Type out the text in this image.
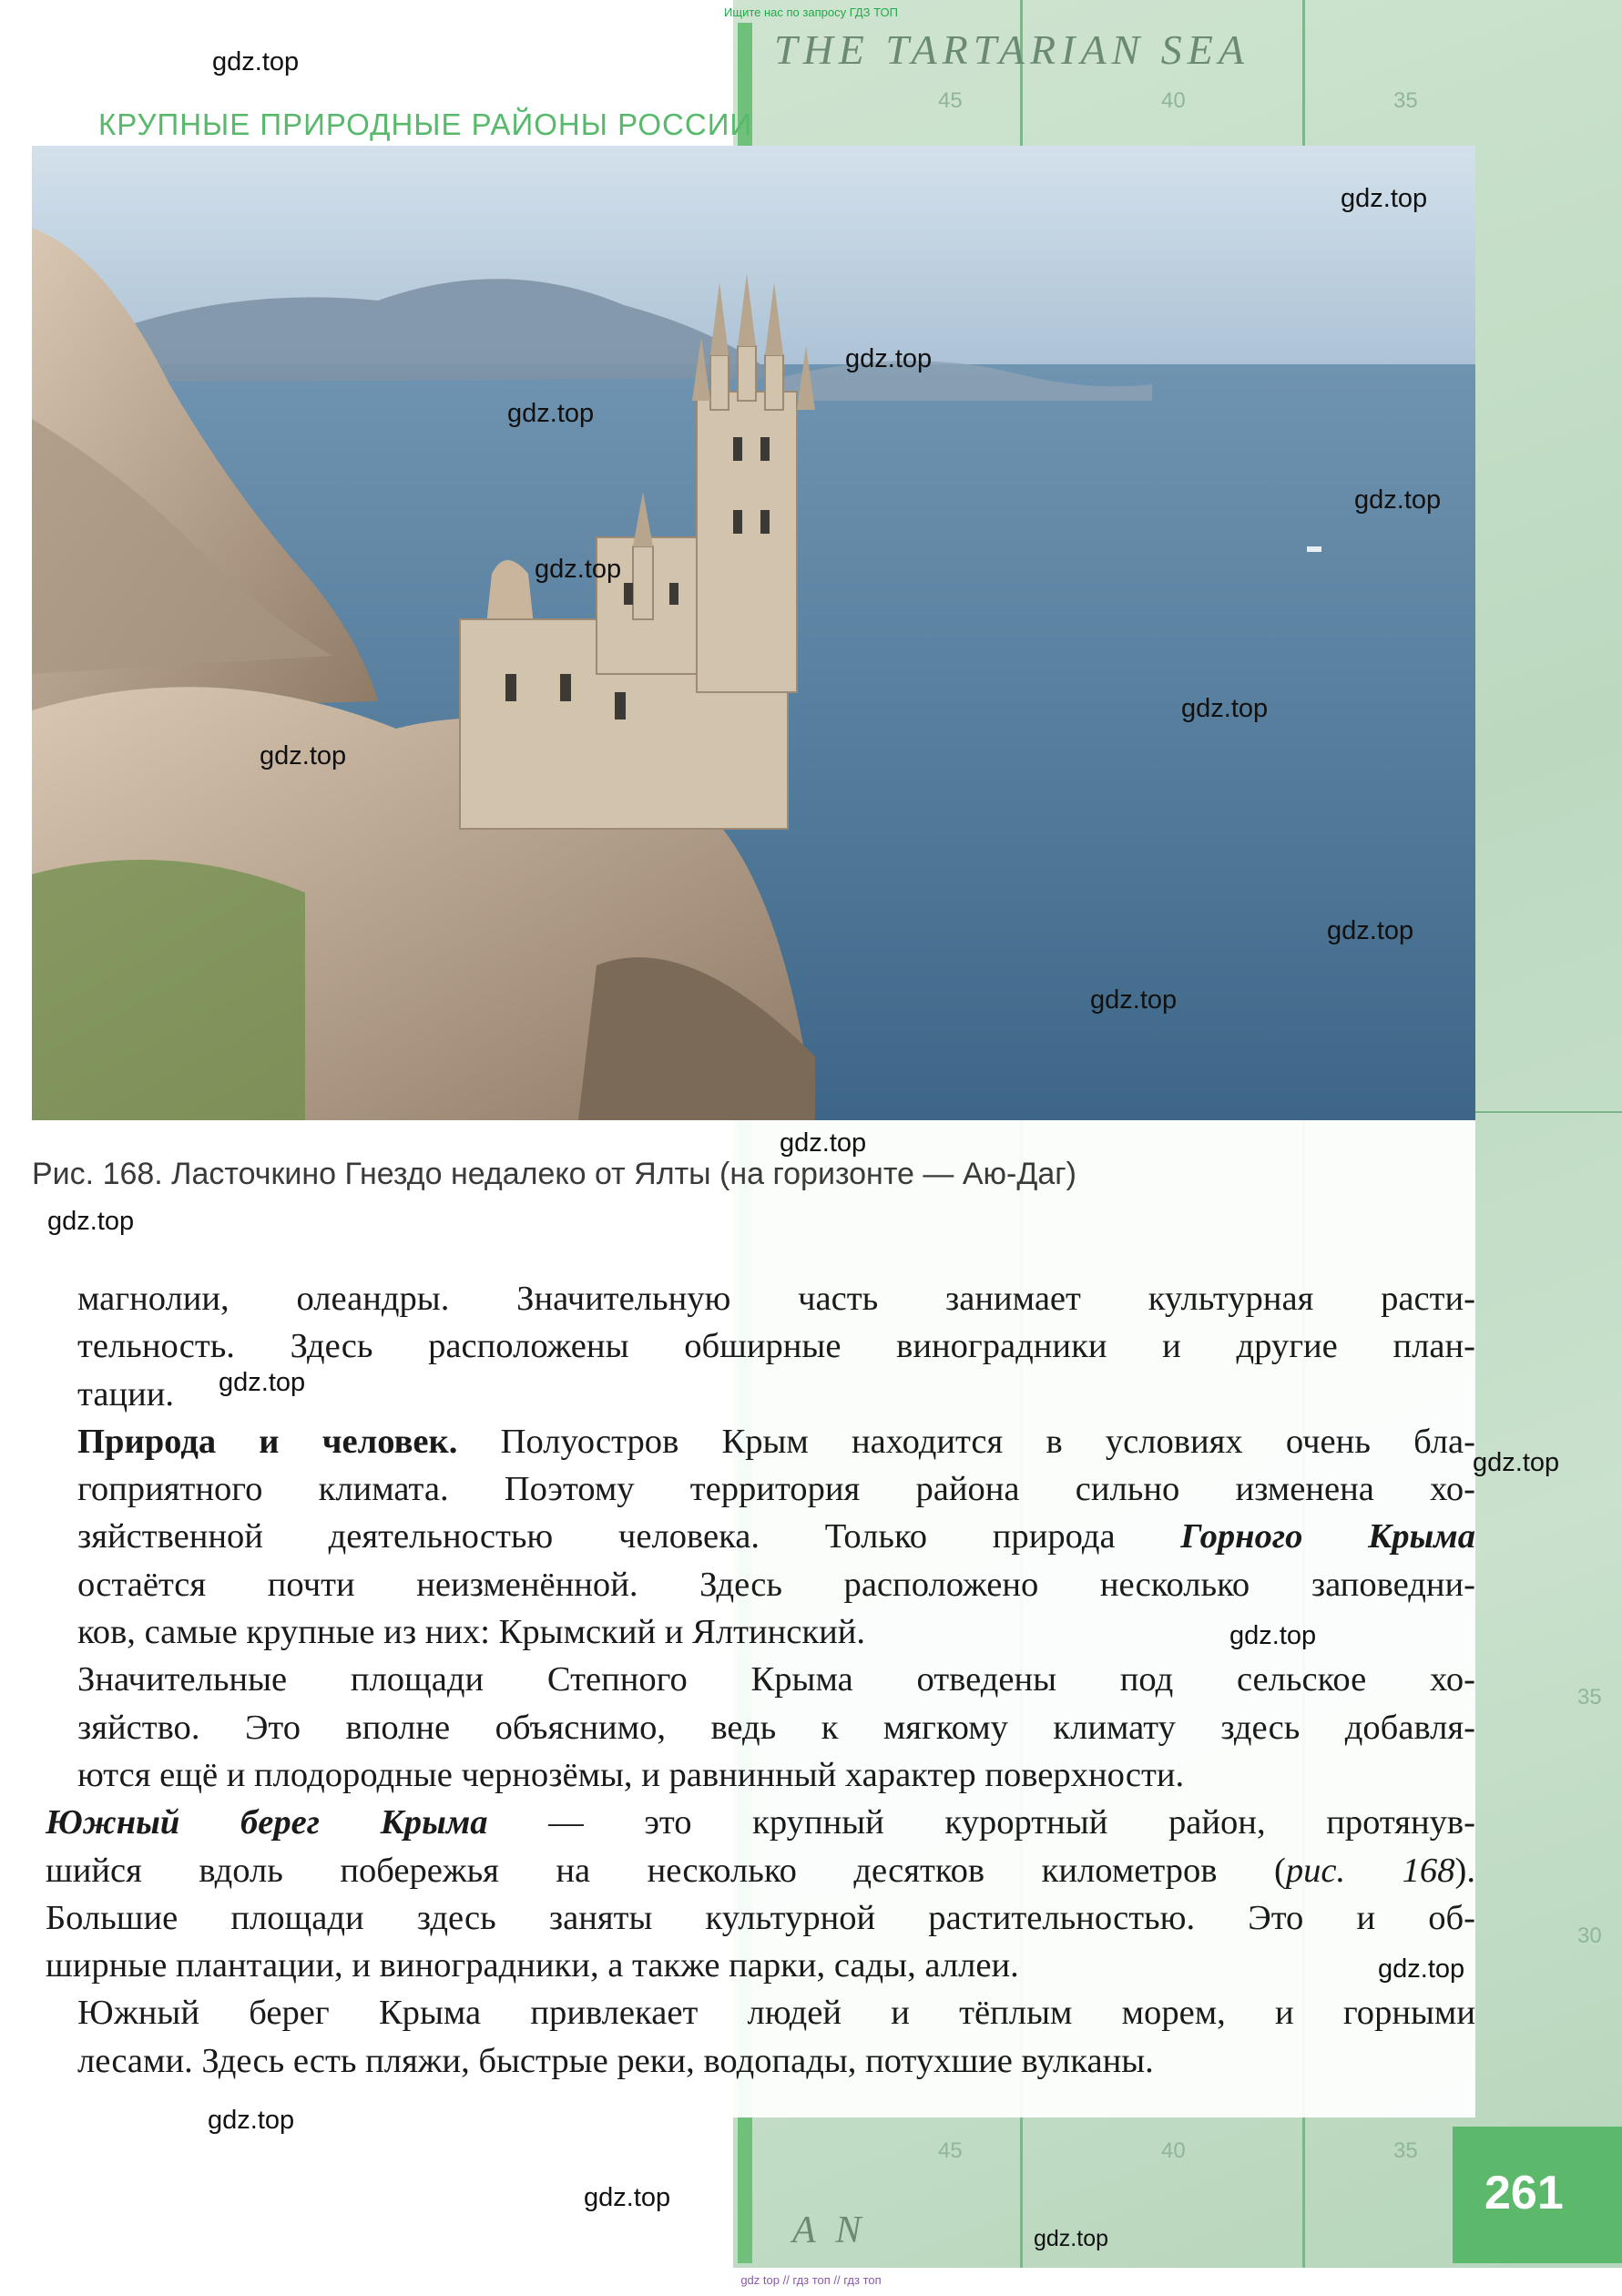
THE TARTARIAN SEA
45	40	35
45	40	35
35
30
A N
Ищите нас по запросу ГДЗ ТОП
КРУПНЫЕ ПРИРОДНЫЕ РАЙОНЫ РОССИИ
Рис. 168. Ласточкино Гнездо недалеко от Ялты (на горизонте — Аю-Даг)

магнолии, олеандры. Значительную часть занимает культурная расти-
тельность. Здесь расположены обширные виноградники и другие план-
тации.

Природа и человек. Полуостров Крым находится в условиях очень бла-
гоприятного климата. Поэтому территория района сильно изменена хо-
зяйственной деятельностью человека. Только природа Горного Крыма
остаётся почти неизменённой. Здесь расположено несколько заповедни-
ков, самые крупные из них: Крымский и Ялтинский.

Значительные площади Степного Крыма отведены под сельское хо-
зяйство. Это вполне объяснимо, ведь к мягкому климату здесь добавля-
ются ещё и плодородные чернозёмы, и равнинный характер поверхности.

Южный берег Крыма — это крупный курортный район, протянув-
шийся вдоль побережья на несколько десятков километров (рис. 168).
Большие площади здесь заняты культурной растительностью. Это и об-
ширные плантации, и виноградники, а также парки, сады, аллеи.

Южный берег Крыма привлекает людей и тёплым морем, и горными
лесами. Здесь есть пляжи, быстрые реки, водопады, потухшие вулканы.

261
gdz.top
gdz.top
gdz.top
gdz.top
gdz.top
gdz.top
gdz.top
gdz.top
gdz.top
gdz.top
gdz.top
gdz.top
gdz.top
gdz.top
gdz.top
gdz.top
gdz.top
gdz.top
gdz.top
gdz top // гдз топ // гдз топ
